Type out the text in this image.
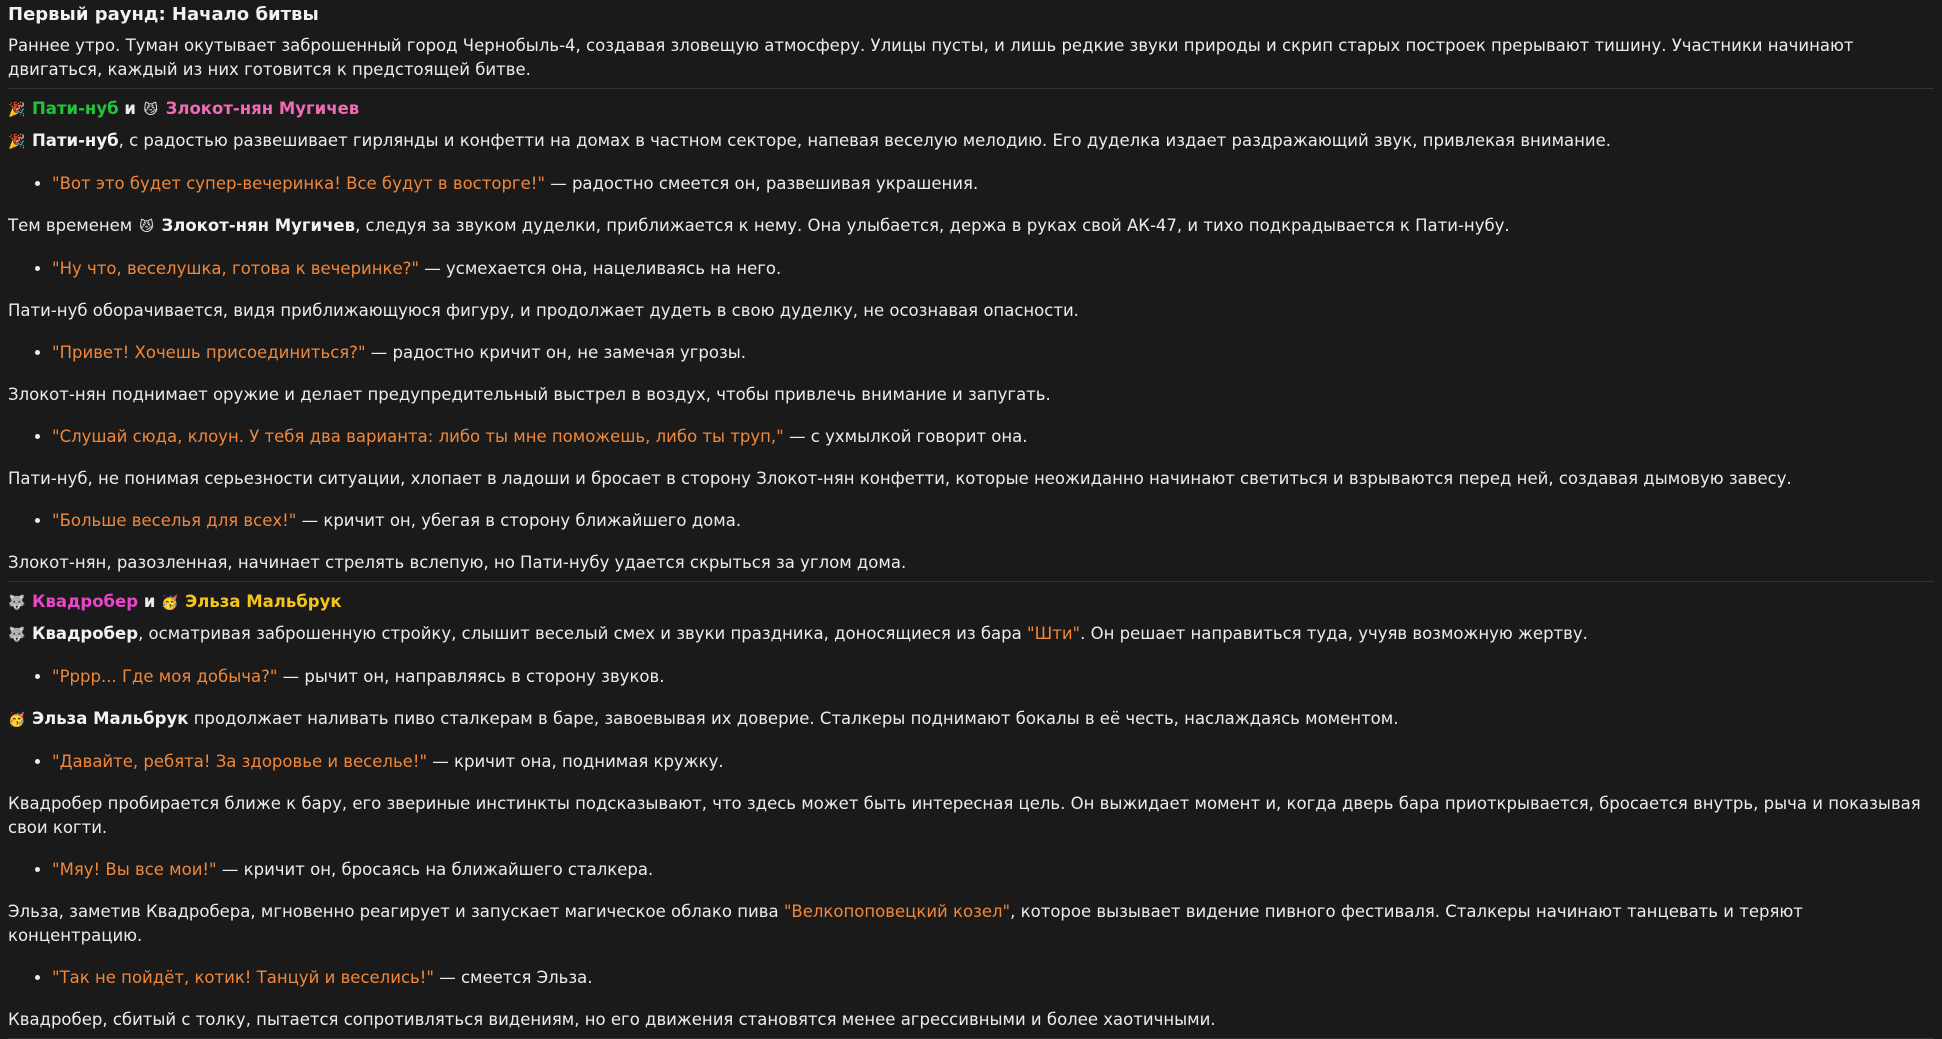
Первый раунд: Начало битвы

Раннее утро. Туман окутывает заброшенный город Чернобыль-4, создавая зловещую атмосферу. Улицы пусты, и лишь редкие звуки природы и скрип старых построек прерывают тишину. Участники начинают двигаться, каждый из них готовится к предстоящей битве.

🎉 Пати-нуб и 😼 Злокот-нян Мугичев

🎉 Пати-нуб, с радостью развешивает гирлянды и конфетти на домах в частном секторе, напевая веселую мелодию. Его дуделка издает раздражающий звук, привлекая внимание.

• "Вот это будет супер-вечеринка! Все будут в восторге!" — радостно смеется он, развешивая украшения.

Тем временем 😼 Злокот-нян Мугичев, следуя за звуком дуделки, приближается к нему. Она улыбается, держа в руках свой АК-47, и тихо подкрадывается к Пати-нубу.

• "Ну что, веселушка, готова к вечеринке?" — усмехается она, нацеливаясь на него.

Пати-нуб оборачивается, видя приближающуюся фигуру, и продолжает дудеть в свою дуделку, не осознавая опасности.

• "Привет! Хочешь присоединиться?" — радостно кричит он, не замечая угрозы.

Злокот-нян поднимает оружие и делает предупредительный выстрел в воздух, чтобы привлечь внимание и запугать.

• "Слушай сюда, клоун. У тебя два варианта: либо ты мне поможешь, либо ты труп," — с ухмылкой говорит она.

Пати-нуб, не понимая серьезности ситуации, хлопает в ладоши и бросает в сторону Злокот-нян конфетти, которые неожиданно начинают светиться и взрываются перед ней, создавая дымовую завесу.

• "Больше веселья для всех!" — кричит он, убегая в сторону ближайшего дома.

Злокот-нян, разозленная, начинает стрелять вслепую, но Пати-нубу удается скрыться за углом дома.

🐺 Квадробер и 🥳 Эльза Мальбрук

🐺 Квадробер, осматривая заброшенную стройку, слышит веселый смех и звуки праздника, доносящиеся из бара "Шти". Он решает направиться туда, учуяв возможную жертву.

• "Рррр... Где моя добыча?" — рычит он, направляясь в сторону звуков.

🥳 Эльза Мальбрук продолжает наливать пиво сталкерам в баре, завоевывая их доверие. Сталкеры поднимают бокалы в её честь, наслаждаясь моментом.

• "Давайте, ребята! За здоровье и веселье!" — кричит она, поднимая кружку.

Квадробер пробирается ближе к бару, его звериные инстинкты подсказывают, что здесь может быть интересная цель. Он выжидает момент и, когда дверь бара приоткрывается, бросается внутрь, рыча и показывая свои когти.

• "Мяу! Вы все мои!" — кричит он, бросаясь на ближайшего сталкера.

Эльза, заметив Квадробера, мгновенно реагирует и запускает магическое облако пива "Велкопоповецкий козел", которое вызывает видение пивного фестиваля. Сталкеры начинают танцевать и теряют концентрацию.

• "Так не пойдёт, котик! Танцуй и веселись!" — смеется Эльза.

Квадробер, сбитый с толку, пытается сопротивляться видениям, но его движения становятся менее агрессивными и более хаотичными.
